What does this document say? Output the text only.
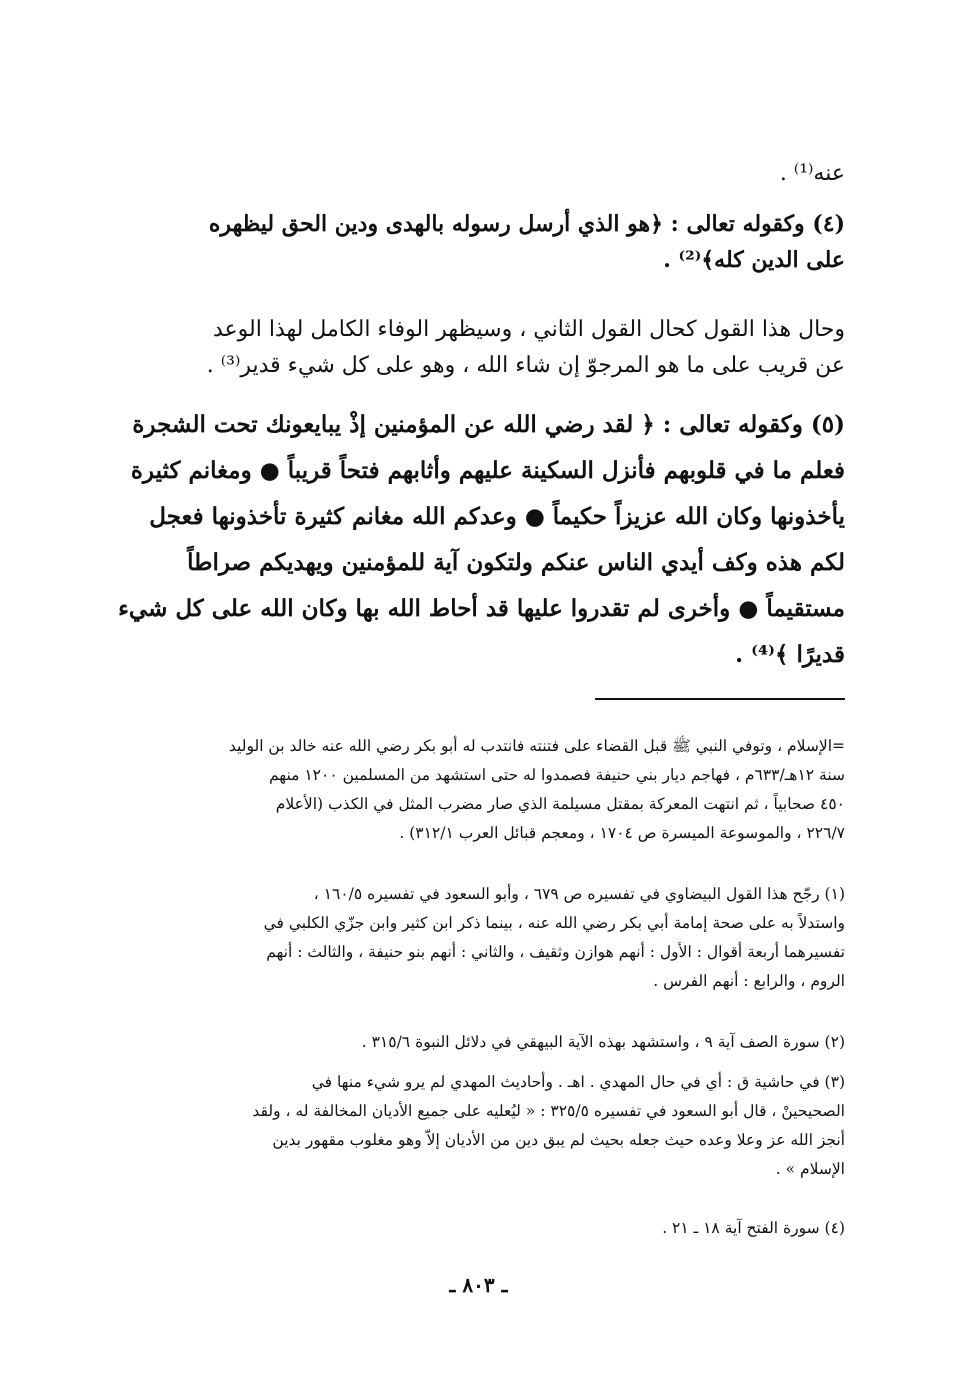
عنه⁽¹⁾ .
(٤) وكقوله تعالى : ﴿هو الذي أرسل رسوله بالهدى ودين الحق ليظهره
على الدين كله﴾⁽²⁾ .
وحال هذا القول كحال القول الثاني ، وسيظهر الوفاء الكامل لهذا الوعد
عن قريب على ما هو المرجوّ إن شاء الله ، وهو على كل شيء قدير⁽³⁾ .
(٥) وكقوله تعالى : ﴿ لقد رضي الله عن المؤمنين إذْ يبايعونك تحت الشجرة
فعلم ما في قلوبهم فأنزل السكينة عليهم وأثابهم فتحاً قريباً ● ومغانم كثيرة
يأخذونها وكان الله عزيزاً حكيماً ● وعدكم الله مغانم كثيرة تأخذونها فعجل
لكم هذه وكف أيدي الناس عنكم ولتكون آية للمؤمنين ويهديكم صراطاً
مستقيماً ● وأخرى لم تقدروا عليها قد أحاط الله بها وكان الله على كل شيء
قديرًا ﴾⁽⁴⁾ .
=الإسلام ، وتوفي النبي ﷺ قبل القضاء على فتنته فانتدب له أبو بكر رضي الله عنه خالد بن الوليد
سنة ١٢هـ/٦٣٣م ، فهاجم ديار بني حنيفة فصمدوا له حتى استشهد من المسلمين ١٢٠٠ منهم
٤٥٠ صحابياً ، ثم انتهت المعركة بمقتل مسيلمة الذي صار مضرب المثل في الكذب (الأعلام
٢٢٦/٧ ، والموسوعة الميسرة ص ١٧٠٤ ، ومعجم قبائل العرب ٣١٢/١) .
(١) رجّح هذا القول البيضاوي في تفسيره ص ٦٧٩ ، وأبو السعود في تفسيره ١٦٠/٥ ،
واستدلاً به على صحة إمامة أبي بكر رضي الله عنه ، بينما ذكر ابن كثير وابن جزّي الكلبي في
تفسيرهما أربعة أقوال : الأول : أنهم هوازن وثقيف ، والثاني : أنهم بنو حنيفة ، والثالث : أنهم
الروم ، والرابع : أنهم الفرس .
(٢) سورة الصف آية ٩ ، واستشهد بهذه الآية البيهقي في دلائل النبوة ٣١٥/٦ .
(٣) في حاشية ق : أي في حال المهدي . اهـ . وأحاديث المهدي لم يرو شيء منها في
الصحيحينْ ، قال أبو السعود في تفسيره ٣٢٥/٥ : « ليُعليه على جميع الأديان المخالفة له ، ولقد
أنجز الله عز وعلا وعده حيث جعله بحيث لم يبق دين من الأديان إلاّ وهو مغلوب مقهور بدين
الإسلام » .
(٤) سورة الفتح آية ١٨ ـ ٢١ .
ـ ٨٠٣ ـ
